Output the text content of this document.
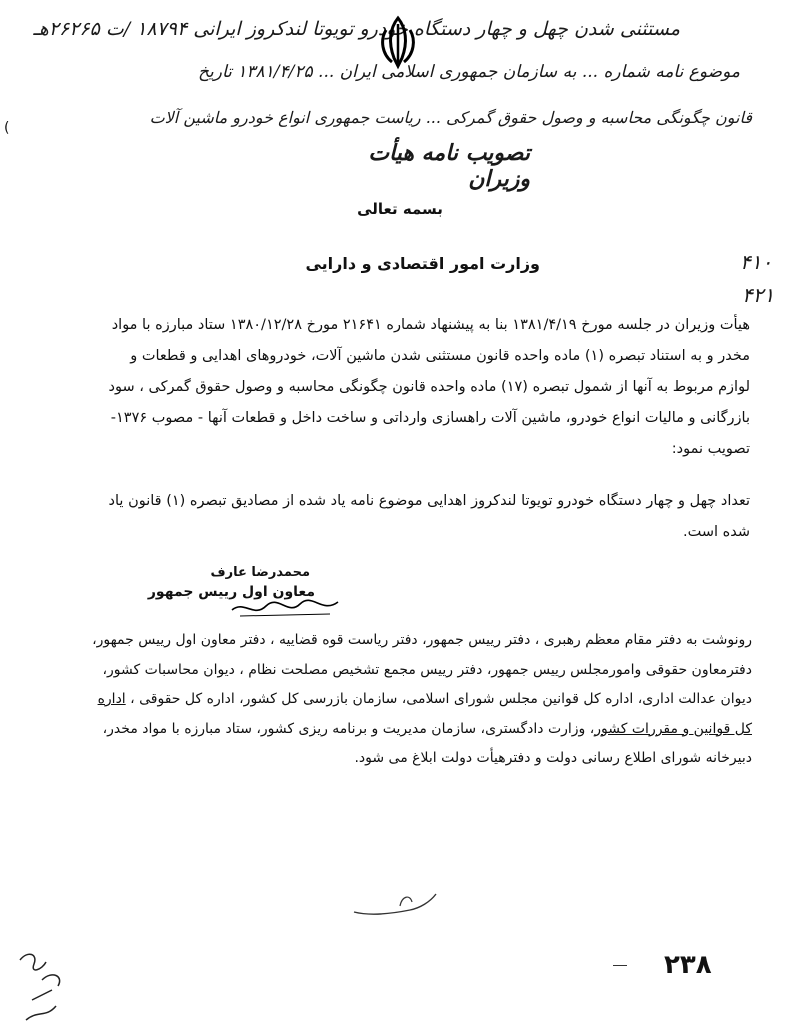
مستثنی شدن چهل و چهار دستگاه خودرو تویوتا لندکروز ایرانی ۱۸۷۹۴ /ت ۲۶۲۶۵هـ
موضوع نامه شماره ... به سازمان جمهوری اسلامی ایران ... ۱۳۸۱/۴/۲۵ تاریخ
قانون چگونگی محاسبه و وصول حقوق گمرکی ... ریاست جمهوری انواع خودرو ماشین آلات
تصویب نامه هیأت وزیران
(
بسمه تعالی
وزارت امور اقتصادی و دارایی	۴۱۰
۴۲۱
هیأت وزیران در جلسه مورخ ۱۳۸۱/۴/۱۹ بنا به پیشنهاد شماره ۲۱۶۴۱ مورخ ۱۳۸۰/۱۲/۲۸ ستاد مبارزه با مواد مخدر و به استناد تبصره (۱) ماده واحده قانون مستثنی شدن ماشین آلات، خودروهای اهدایی و قطعات و لوازم مربوط به آنها از شمول تبصره (۱۷) ماده واحده قانون چگونگی محاسبه و وصول حقوق گمرکی ، سود بازرگانی و مالیات انواع خودرو، ماشین آلات راهسازی وارداتی و ساخت داخل و قطعات آنها - مصوب ۱۳۷۶- تصویب نمود:
تعداد چهل و چهار دستگاه خودرو تویوتا لندکروز اهدایی موضوع نامه یاد شده از مصادیق تبصره (۱) قانون یاد شده است.
محمدرضا عارف
معاون اول رییس جمهور
رونوشت به دفتر مقام معظم رهبری ، دفتر رییس جمهور، دفتر ریاست قوه قضاییه ، دفتر معاون اول رییس جمهور، دفترمعاون حقوقی وامورمجلس رییس جمهور، دفتر رییس مجمع تشخیص مصلحت نظام ، دیوان محاسبات کشور، دیوان عدالت اداری، اداره کل قوانین مجلس شورای اسلامی، سازمان بازرسی کل کشور، اداره کل حقوقی ، اداره کل قوانین و مقررات کشور، وزارت دادگستری، سازمان مدیریت و برنامه ریزی کشور، ستاد مبارزه با مواد مخدر، دبیرخانه شورای اطلاع رسانی دولت و دفترهیأت دولت ابلاغ می شود.
۲۳۸
